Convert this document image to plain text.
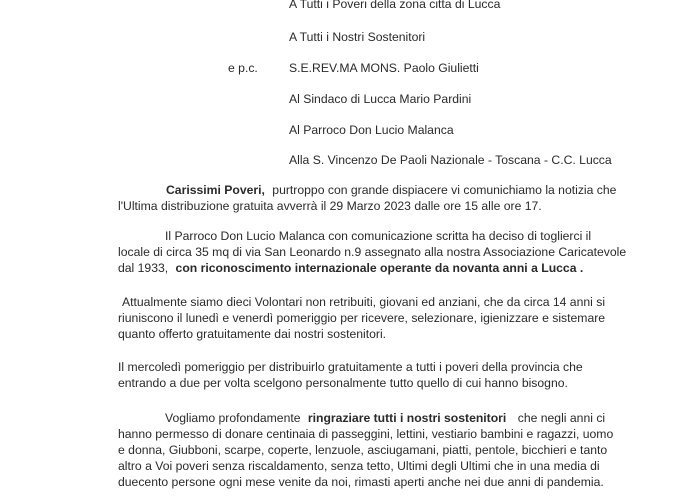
A Tutti i Poveri della zona citta di Lucca
A Tutti i Nostri Sostenitori
e p.c.	S.E.REV.MA MONS. Paolo Giulietti
Al Sindaco di Lucca Mario Pardini
Al Parroco Don Lucio Malanca
Alla S. Vincenzo De Paoli Nazionale - Toscana - C.C. Lucca
Carissimi Poveri, purtroppo con grande dispiacere vi comunichiamo la notizia che
l'Ultima distribuzione gratuita avverrà il 29 Marzo 2023 dalle ore 15 alle ore 17.
Il Parroco Don Lucio Malanca con comunicazione scritta ha deciso di toglierci il
locale di circa 35 mq di via San Leonardo n.9 assegnato alla nostra Associazione Caricatevole
dal 1933, con riconoscimento internazionale operante da novanta anni a Lucca .
Attualmente siamo dieci Volontari non retribuiti, giovani ed anziani, che da circa 14 anni si
riuniscono il lunedì e venerdì pomeriggio per ricevere, selezionare, igienizzare e sistemare
quanto offerto gratuitamente dai nostri sostenitori.
Il mercoledì pomeriggio per distribuirlo gratuitamente a tutti i poveri della provincia che
entrando a due per volta scelgono personalmente tutto quello di cui hanno bisogno.
Vogliamo profondamente ringraziare tutti i nostri sostenitori che negli anni ci
hanno permesso di donare centinaia di passeggini, lettini, vestiario bambini e ragazzi, uomo
e donna, Giubboni, scarpe, coperte, lenzuole, asciugamani, piatti, pentole, bicchieri e tanto
altro a Voi poveri senza riscaldamento, senza tetto, Ultimi degli Ultimi che in una media di
duecento persone ogni mese venite da noi, rimasti aperti anche nei due anni di pandemia.
